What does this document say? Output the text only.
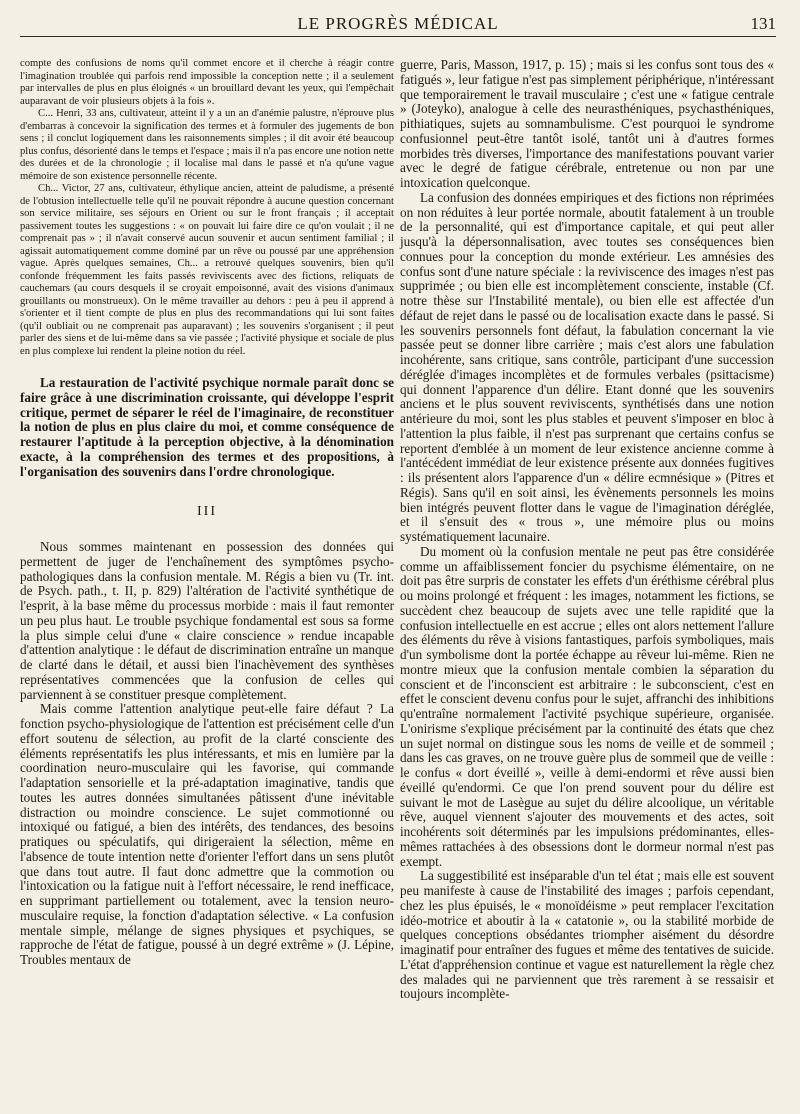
LE PROGRÈS MÉDICAL	131

compte des confusions de noms qu'il commet encore et il cherche à réagir contre l'imagination troublée qui parfois rend impossible la conception nette ; il a seulement par intervalles de plus en plus éloignés « un brouillard devant les yeux, qui l'empêchait auparavant de voir plusieurs objets à la fois ».

C... Henri, 33 ans, cultivateur, atteint il y a un an d'anémie palustre, n'éprouve plus d'embarras à concevoir la signification des termes et à formuler des jugements de bon sens ; il conclut logiquement dans les raisonnements simples ; il dit avoir été beaucoup plus confus, désorienté dans le temps et l'espace ; mais il n'a pas encore une notion nette des durées et de la chronologie ; il localise mal dans le passé et n'a qu'une vague mémoire de son existence personnelle récente.

Ch... Victor, 27 ans, cultivateur, éthylique ancien, atteint de paludisme, a présenté de l'obtusion intellectuelle telle qu'il ne pouvait répondre à aucune question concernant son service militaire, ses séjours en Orient ou sur le front français ; il acceptait passivement toutes les suggestions : « on pouvait lui faire dire ce qu'on voulait ; il ne comprenait pas » ; il n'avait conservé aucun souvenir et aucun sentiment familial ; il agissait automatiquement comme dominé par un rêve ou poussé par une appréhension vague. Après quelques semaines, Ch... a retrouvé quelques souvenirs, bien qu'il confonde fréquemment les faits passés reviviscents avec des fictions, reliquats de cauchemars (au cours desquels il se croyait empoisonné, avait des visions d'animaux grouillants ou monstrueux). On le même travailler au dehors : peu à peu il apprend à s'orienter et il tient compte de plus en plus des recommandations qui lui sont faites (qu'il oubliait ou ne comprenait pas auparavant) ; les souvenirs s'organisent ; il peut parler des siens et de lui-même dans sa vie passée ; l'activité physique et sociale de plus en plus complexe lui rendent la pleine notion du réel.

La restauration de l'activité psychique normale paraît donc se faire grâce à une discrimination croissante, qui développe l'esprit critique, permet de séparer le réel de l'imaginaire, de reconstituer la notion de plus en plus claire du moi, et comme conséquence de restaurer l'aptitude à la perception objective, à la dénomination exacte, à la compréhension des termes et des propositions, à l'organisation des souvenirs dans l'ordre chronologique.

III

Nous sommes maintenant en possession des données qui permettent de juger de l'enchaînement des symptômes psycho-pathologiques dans la confusion mentale. M. Régis a bien vu (Tr. int. de Psych. path., t. II, p. 829) l'altération de l'activité synthétique de l'esprit, à la base même du processus morbide : mais il faut remonter un peu plus haut. Le trouble psychique fondamental est sous sa forme la plus simple celui d'une « claire conscience » rendue incapable d'attention analytique : le défaut de discrimination entraîne un manque de clarté dans le détail, et aussi bien l'inachèvement des synthèses représentatives commencées que la confusion de celles qui parviennent à se constituer presque complètement.

Mais comme l'attention analytique peut-elle faire défaut ? La fonction psycho-physiologique de l'attention est précisément celle d'un effort soutenu de sélection, au profit de la clarté consciente des éléments représentatifs les plus intéressants, et mis en lumière par la coordination neuro-musculaire qui les favorise, qui commande l'adaptation sensorielle et la pré-adaptation imaginative, tandis que toutes les autres données simultanées pâtissent d'une inévitable distraction ou moindre conscience. Le sujet commotionné ou intoxiqué ou fatigué, a bien des intérêts, des tendances, des besoins pratiques ou spéculatifs, qui dirigeraient la sélection, même en l'absence de toute intention nette d'orienter l'effort dans un sens plutôt que dans tout autre. Il faut donc admettre que la commotion ou l'intoxication ou la fatigue nuit à l'effort nécessaire, le rend inefficace, en supprimant partiellement ou totalement, avec la tension neuro-musculaire requise, la fonction d'adaptation sélective. « La confusion mentale simple, mélange de signes physiques et psychiques, se rapproche de l'état de fatigue, poussé à un degré extrême » (J. Lépine, Troubles mentaux de

guerre, Paris, Masson, 1917, p. 15) ; mais si les confus sont tous des « fatigués », leur fatigue n'est pas simplement périphérique, n'intéressant que temporairement le travail musculaire ; c'est une « fatigue centrale » (Joteyko), analogue à celle des neurasthéniques, psychasthéniques, pithiatiques, sujets au somnambulisme. C'est pourquoi le syndrome confusionnel peut-être tantôt isolé, tantôt uni à d'autres formes morbides très diverses, l'importance des manifestations pouvant varier avec le degré de fatigue cérébrale, entretenue ou non par une intoxication quelconque.

La confusion des données empiriques et des fictions non réprimées on non réduites à leur portée normale, aboutit fatalement à un trouble de la personnalité, qui est d'importance capitale, et qui peut aller jusqu'à la dépersonnalisation, avec toutes ses conséquences bien connues pour la conception du monde extérieur. Les amnésies des confus sont d'une nature spéciale : la reviviscence des images n'est pas supprimée ; ou bien elle est incomplètement consciente, instable (Cf. notre thèse sur l'Instabilité mentale), ou bien elle est affectée d'un défaut de rejet dans le passé ou de localisation exacte dans le passé. Si les souvenirs personnels font défaut, la fabulation concernant la vie passée peut se donner libre carrière ; mais c'est alors une fabulation incohérente, sans critique, sans contrôle, participant d'une succession déréglée d'images incomplètes et de formules verbales (psittacisme) qui donnent l'apparence d'un délire. Etant donné que les souvenirs anciens et le plus souvent reviviscents, synthétisés dans une notion antérieure du moi, sont les plus stables et peuvent s'imposer en bloc à l'attention la plus faible, il n'est pas surprenant que certains confus se reportent d'emblée à un moment de leur existence ancienne comme à l'antécédent immédiat de leur existence présente aux données fugitives : ils présentent alors l'apparence d'un « délire ecmnésique » (Pitres et Régis). Sans qu'il en soit ainsi, les évènements personnels les moins bien intégrés peuvent flotter dans le vague de l'imagination déréglée, et il s'ensuit des « trous », une mémoire plus ou moins systématiquement lacunaire.

Du moment où la confusion mentale ne peut pas être considérée comme un affaiblissement foncier du psychisme élémentaire, on ne doit pas être surpris de constater les effets d'un éréthisme cérébral plus ou moins prolongé et fréquent : les images, notamment les fictions, se succèdent chez beaucoup de sujets avec une telle rapidité que la confusion intellectuelle en est accrue ; elles ont alors nettement l'allure des éléments du rêve à visions fantastiques, parfois symboliques, mais d'un symbolisme dont la portée échappe au rêveur lui-même. Rien ne montre mieux que la confusion mentale combien la séparation du conscient et de l'inconscient est arbitraire : le subconscient, c'est en effet le conscient devenu confus pour le sujet, affranchi des inhibitions qu'entraîne normalement l'activité psychique supérieure, organisée. L'onirisme s'explique précisément par la continuité des états que chez un sujet normal on distingue sous les noms de veille et de sommeil ; dans les cas graves, on ne trouve guère plus de sommeil que de veille : le confus « dort éveillé », veille à demi-endormi et rêve aussi bien éveillé qu'endormi. Ce que l'on prend souvent pour du délire est suivant le mot de Lasègue au sujet du délire alcoolique, un véritable rêve, auquel viennent s'ajouter des mouvements et des actes, soit incohérents soit déterminés par les impulsions prédominantes, elles-mêmes rattachées à des obsessions dont le dormeur normal n'est pas exempt.

La suggestibilité est inséparable d'un tel état ; mais elle est souvent peu manifeste à cause de l'instabilité des images ; parfois cependant, chez les plus épuisés, le « monoïdéisme » peut remplacer l'excitation idéo-motrice et aboutir à la « catatonie », ou la stabilité morbide de quelques conceptions obsédantes triompher aisément du désordre imaginatif pour entraîner des fugues et même des tentatives de suicide. L'état d'appréhension continue et vague est naturellement la règle chez des malades qui ne parviennent que très rarement à se ressaisir et toujours incomplète-
